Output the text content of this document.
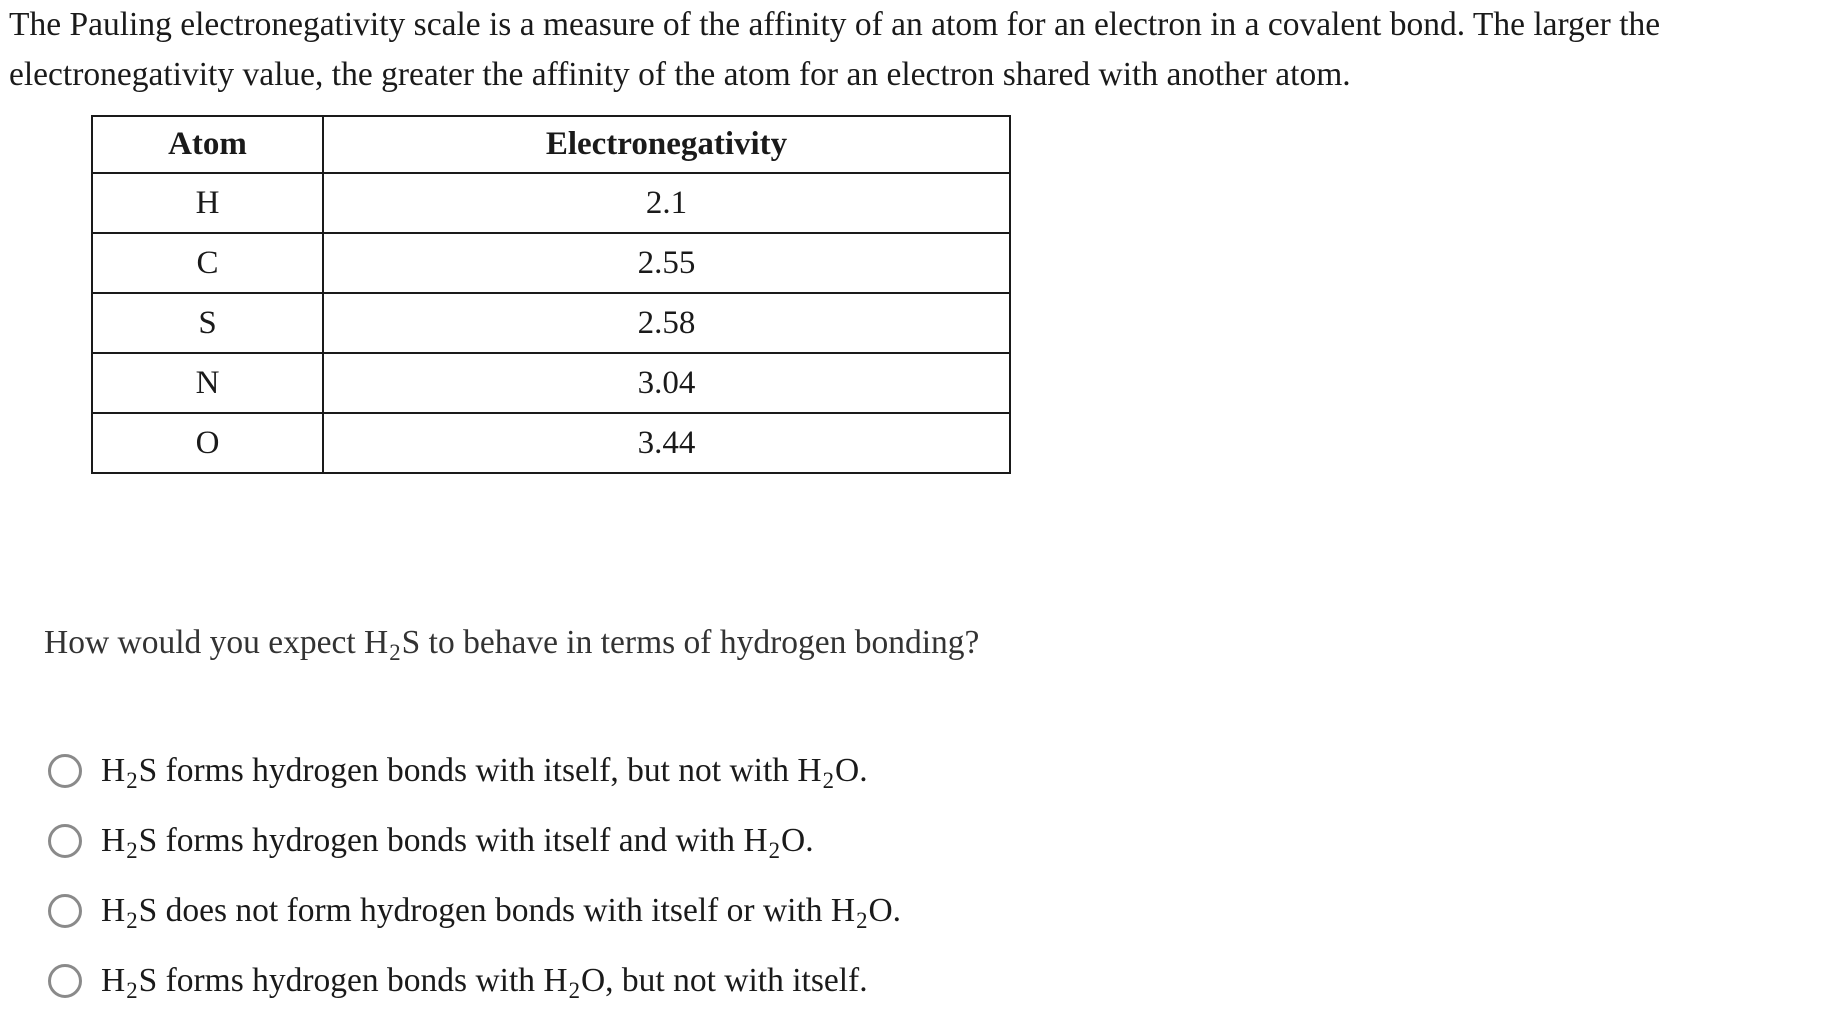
The Pauling electronegativity scale is a measure of the affinity of an atom for an electron in a covalent bond. The larger the electronegativity value, the greater the affinity of the atom for an electron shared with another atom.

Atom	Electronegativity
H	2.1
C	2.55
S	2.58
N	3.04
O	3.44

How would you expect $H_2S$ to behave in terms of hydrogen bonding?

$H_2S$ forms hydrogen bonds with itself, but not with $H_2O$.
$H_2S$ forms hydrogen bonds with itself and with $H_2O$.
$H_2S$ does not form hydrogen bonds with itself or with $H_2O$.
$H_2S$ forms hydrogen bonds with $H_2O$, but not with itself.
